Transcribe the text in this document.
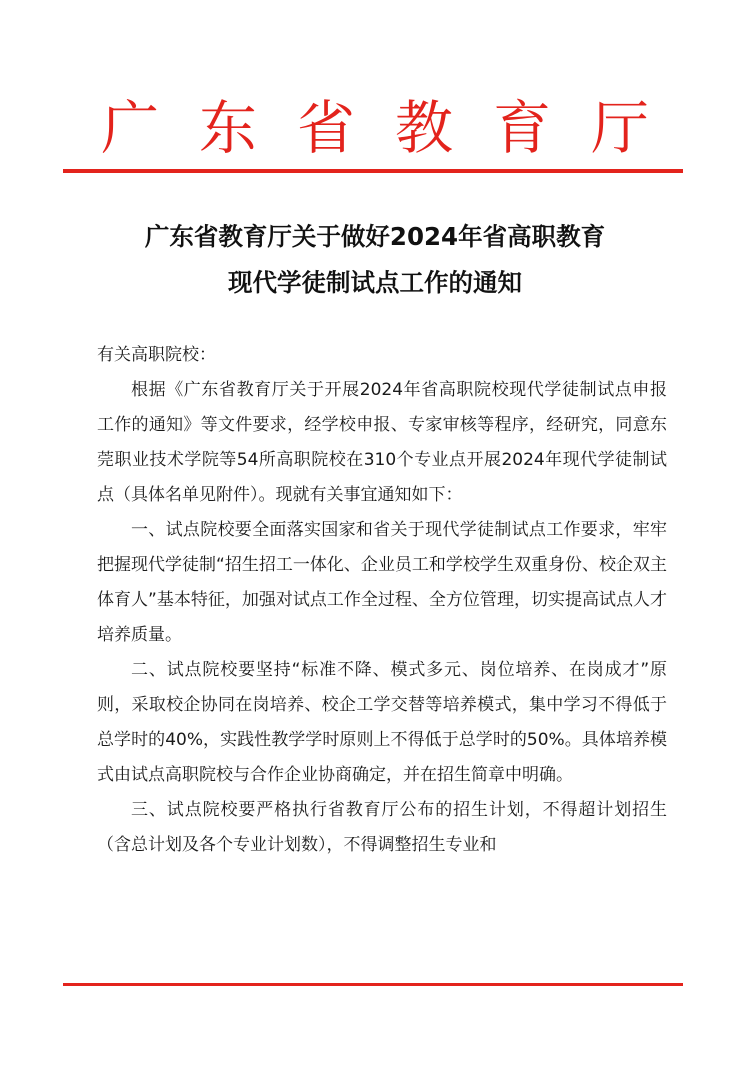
广东省教育厅
广东省教育厅关于做好2024年省高职教育
现代学徒制试点工作的通知

有关高职院校：

根据《广东省教育厅关于开展2024年省高职院校现代学徒制试点申报工作的通知》等文件要求，经学校申报、专家审核等程序，经研究，同意东莞职业技术学院等54所高职院校在310个专业点开展2024年现代学徒制试点（具体名单见附件）。现就有关事宜通知如下：

一、试点院校要全面落实国家和省关于现代学徒制试点工作要求，牢牢把握现代学徒制“招生招工一体化、企业员工和学校学生双重身份、校企双主体育人”基本特征，加强对试点工作全过程、全方位管理，切实提高试点人才培养质量。

二、试点院校要坚持“标准不降、模式多元、岗位培养、在岗成才”原则，采取校企协同在岗培养、校企工学交替等培养模式，集中学习不得低于总学时的40%，实践性教学学时原则上不得低于总学时的50%。具体培养模式由试点高职院校与合作企业协商确定，并在招生简章中明确。

三、试点院校要严格执行省教育厅公布的招生计划，不得超计划招生（含总计划及各个专业计划数），不得调整招生专业和
